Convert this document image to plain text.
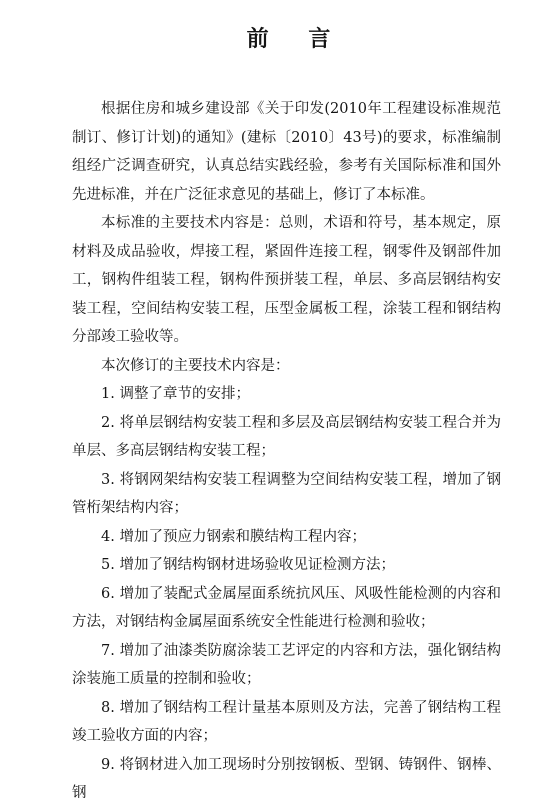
前 言

根据住房和城乡建设部《关于印发(2010年工程建设标准规范制订、修订计划)的通知》(建标〔2010〕43号)的要求，标准编制组经广泛调查研究，认真总结实践经验，参考有关国际标准和国外先进标准，并在广泛征求意见的基础上，修订了本标准。

本标准的主要技术内容是：总则，术语和符号，基本规定，原材料及成品验收，焊接工程，紧固件连接工程，钢零件及钢部件加工，钢构件组装工程，钢构件预拼装工程，单层、多高层钢结构安装工程，空间结构安装工程，压型金属板工程，涂装工程和钢结构分部竣工验收等。

本次修订的主要技术内容是：

1. 调整了章节的安排；

2. 将单层钢结构安装工程和多层及高层钢结构安装工程合并为单层、多高层钢结构安装工程；

3. 将钢网架结构安装工程调整为空间结构安装工程，增加了钢管桁架结构内容；

4. 增加了预应力钢索和膜结构工程内容；

5. 增加了钢结构钢材进场验收见证检测方法；

6. 增加了装配式金属屋面系统抗风压、风吸性能检测的内容和方法，对钢结构金属屋面系统安全性能进行检测和验收；

7. 增加了油漆类防腐涂装工艺评定的内容和方法，强化钢结构涂装施工质量的控制和验收；

8. 增加了钢结构工程计量基本原则及方法，完善了钢结构工程竣工验收方面的内容；

9. 将钢材进入加工现场时分别按钢板、型钢、铸钢件、钢棒、钢
